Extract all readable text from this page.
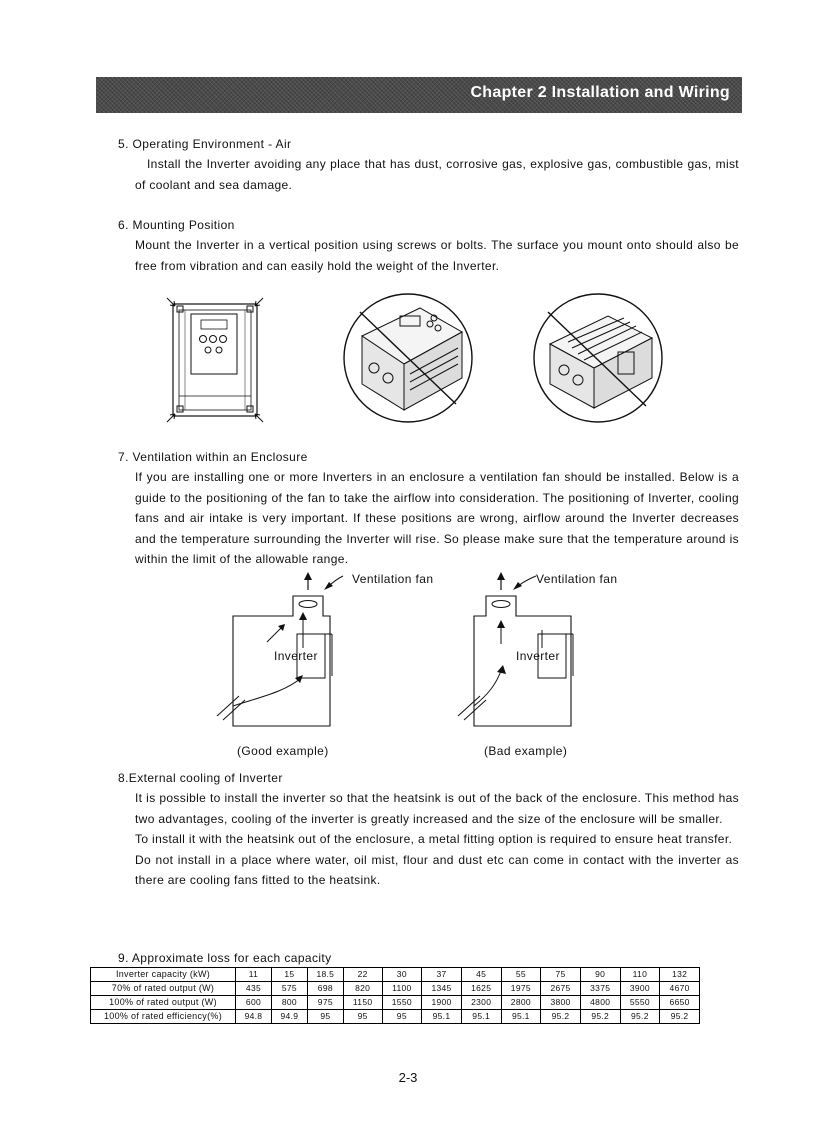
Chapter 2 Installation and Wiring
5. Operating Environment - Air

Install the Inverter avoiding any place that has dust, corrosive gas, explosive gas, combustible gas, mist of coolant and sea damage.

6. Mounting Position

Mount the Inverter in a vertical position using screws or bolts. The surface you mount onto should also be free from vibration and can easily hold the weight of the Inverter.

7. Ventilation within an Enclosure

If you are installing one or more Inverters in an enclosure a ventilation fan should be installed. Below is a guide to the positioning of the fan to take the airflow into consideration. The positioning of Inverter, cooling fans and air intake is very important. If these positions are wrong, airflow around the Inverter decreases and the temperature surrounding the Inverter will rise. So please make sure that the temperature around is within the limit of the allowable range.

Ventilation fan
Inverter
(Good example)
Ventilation fan
Inverter
(Bad example)
8.External cooling of Inverter

It is possible to install the inverter so that the heatsink is out of the back of the enclosure. This method has two advantages, cooling of the inverter is greatly increased and the size of the enclosure will be smaller.

To install it with the heatsink out of the enclosure, a metal fitting option is required to ensure heat transfer.

Do not install in a place where water, oil mist, flour and dust etc can come in contact with the inverter as there are cooling fans fitted to the heatsink.

9. Approximate loss for each capacity
Inverter capacity (kW)	11	15	18.5	22	30	37	45	55	75	90	110	132
70% of rated output (W)	435	575	698	820	1100	1345	1625	1975	2675	3375	3900	4670
100% of rated output (W)	600	800	975	1150	1550	1900	2300	2800	3800	4800	5550	6650
100% of rated efficiency(%)	94.8	94.9	95	95	95	95.1	95.1	95.1	95.2	95.2	95.2	95.2
2-3
